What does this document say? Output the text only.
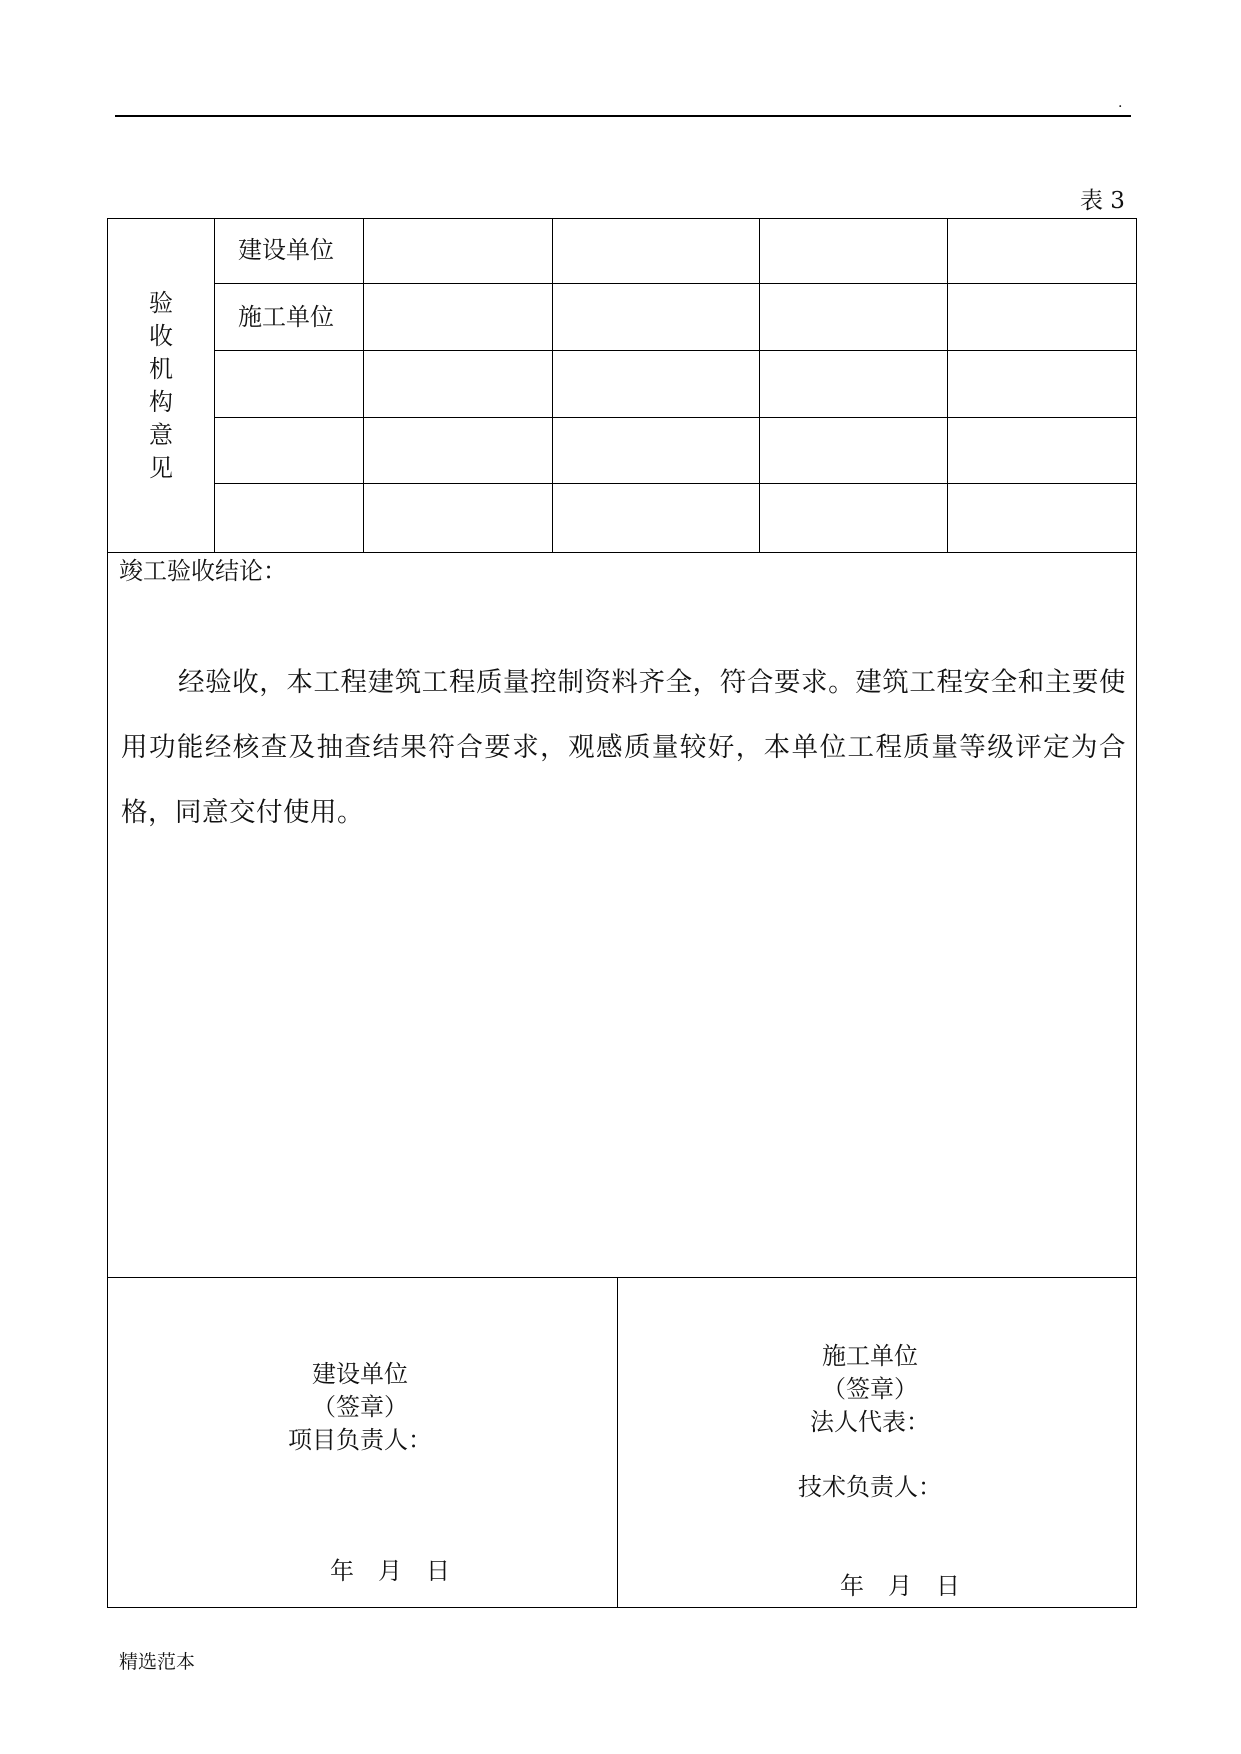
.
表 3
验
收
机
构
意
见
建设单位
施工单位
竣工验收结论：
经验收，本工程建筑工程质量控制资料齐全，符合要求。建筑工程安全和主要使用功能经核查及抽查结果符合要求，观感质量较好，本单位工程质量等级评定为合格，同意交付使用。
建设单位
（签章）
项目负责人：
年　月　日
施工单位
（签章）
法人代表：
技术负责人：
年　月　日
精选范本
